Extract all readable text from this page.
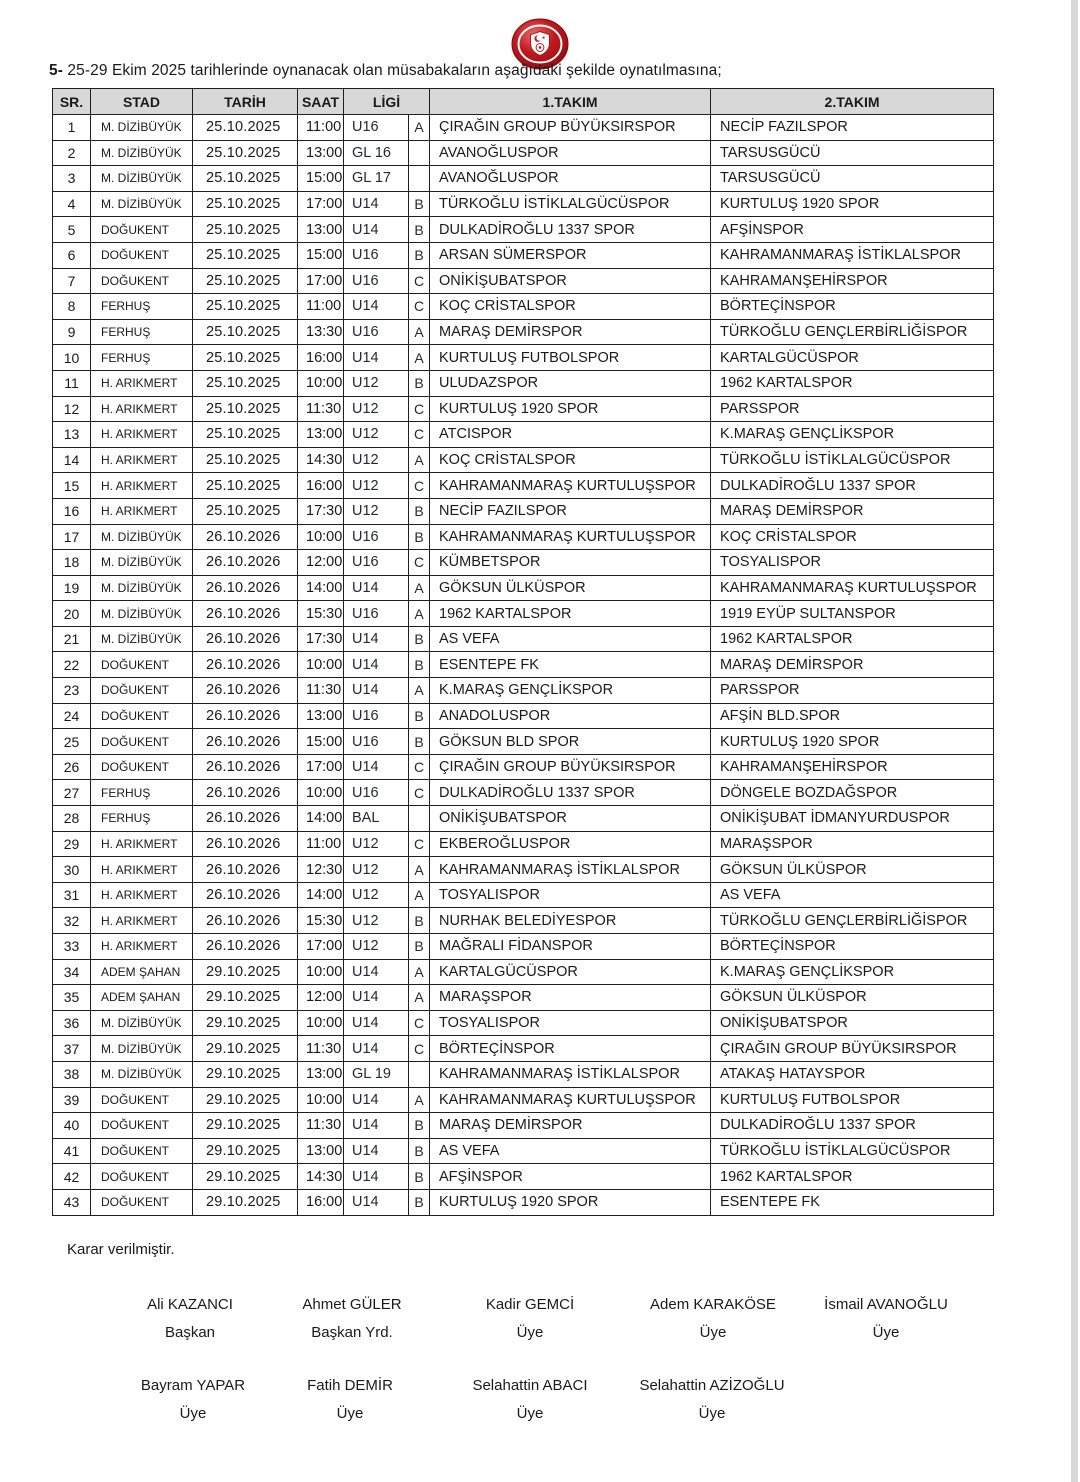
5- 25-29 Ekim 2025 tarihlerinde oynanacak olan müsabakaların aşağıdaki şekilde oynatılmasına;
SR.	STAD	TARİH	SAAT	LİGİ		1.TAKIM	2.TAKIM
1	M. DİZİBÜYÜK	25.10.2025	11:00	U16	A	ÇIRAĞIN GROUP BÜYÜKSIRSPOR	NECİP FAZILSPOR
2	M. DİZİBÜYÜK	25.10.2025	13:00	GL 16		AVANOĞLUSPOR	TARSUSGÜCÜ
3	M. DİZİBÜYÜK	25.10.2025	15:00	GL 17		AVANOĞLUSPOR	TARSUSGÜCÜ
4	M. DİZİBÜYÜK	25.10.2025	17:00	U14	B	TÜRKOĞLU İSTİKLALGÜCÜSPOR	KURTULUŞ 1920 SPOR
5	DOĞUKENT	25.10.2025	13:00	U14	B	DULKADİROĞLU 1337 SPOR	AFŞİNSPOR
6	DOĞUKENT	25.10.2025	15:00	U16	B	ARSAN SÜMERSPOR	KAHRAMANMARAŞ İSTİKLALSPOR
7	DOĞUKENT	25.10.2025	17:00	U16	C	ONİKİŞUBATSPOR	KAHRAMANŞEHİRSPOR
8	FERHUŞ	25.10.2025	11:00	U14	C	KOÇ CRİSTALSPOR	BÖRTEÇİNSPOR
9	FERHUŞ	25.10.2025	13:30	U16	A	MARAŞ DEMİRSPOR	TÜRKOĞLU GENÇLERBİRLİĞİSPOR
10	FERHUŞ	25.10.2025	16:00	U14	A	KURTULUŞ FUTBOLSPOR	KARTALGÜCÜSPOR
11	H. ARIKMERT	25.10.2025	10:00	U12	B	ULUDAZSPOR	1962 KARTALSPOR
12	H. ARIKMERT	25.10.2025	11:30	U12	C	KURTULUŞ 1920 SPOR	PARSSPOR
13	H. ARIKMERT	25.10.2025	13:00	U12	C	ATCISPOR	K.MARAŞ GENÇLİKSPOR
14	H. ARIKMERT	25.10.2025	14:30	U12	A	KOÇ CRİSTALSPOR	TÜRKOĞLU İSTİKLALGÜCÜSPOR
15	H. ARIKMERT	25.10.2025	16:00	U12	C	KAHRAMANMARAŞ KURTULUŞSPOR	DULKADİROĞLU 1337 SPOR
16	H. ARIKMERT	25.10.2025	17:30	U12	B	NECİP FAZILSPOR	MARAŞ DEMİRSPOR
17	M. DİZİBÜYÜK	26.10.2026	10:00	U16	B	KAHRAMANMARAŞ KURTULUŞSPOR	KOÇ CRİSTALSPOR
18	M. DİZİBÜYÜK	26.10.2026	12:00	U16	C	KÜMBETSPOR	TOSYALISPOR
19	M. DİZİBÜYÜK	26.10.2026	14:00	U14	A	GÖKSUN ÜLKÜSPOR	KAHRAMANMARAŞ KURTULUŞSPOR
20	M. DİZİBÜYÜK	26.10.2026	15:30	U16	A	1962 KARTALSPOR	1919 EYÜP SULTANSPOR
21	M. DİZİBÜYÜK	26.10.2026	17:30	U14	B	AS VEFA	1962 KARTALSPOR
22	DOĞUKENT	26.10.2026	10:00	U14	B	ESENTEPE FK	MARAŞ DEMİRSPOR
23	DOĞUKENT	26.10.2026	11:30	U14	A	K.MARAŞ GENÇLİKSPOR	PARSSPOR
24	DOĞUKENT	26.10.2026	13:00	U16	B	ANADOLUSPOR	AFŞİN BLD.SPOR
25	DOĞUKENT	26.10.2026	15:00	U16	B	GÖKSUN BLD SPOR	KURTULUŞ 1920 SPOR
26	DOĞUKENT	26.10.2026	17:00	U14	C	ÇIRAĞIN GROUP BÜYÜKSIRSPOR	KAHRAMANŞEHİRSPOR
27	FERHUŞ	26.10.2026	10:00	U16	C	DULKADİROĞLU 1337 SPOR	DÖNGELE BOZDAĞSPOR
28	FERHUŞ	26.10.2026	14:00	BAL		ONİKİŞUBATSPOR	ONİKİŞUBAT İDMANYURDUSPOR
29	H. ARIKMERT	26.10.2026	11:00	U12	C	EKBEROĞLUSPOR	MARAŞSPOR
30	H. ARIKMERT	26.10.2026	12:30	U12	A	KAHRAMANMARAŞ İSTİKLALSPOR	GÖKSUN ÜLKÜSPOR
31	H. ARIKMERT	26.10.2026	14:00	U12	A	TOSYALISPOR	AS VEFA
32	H. ARIKMERT	26.10.2026	15:30	U12	B	NURHAK BELEDİYESPOR	TÜRKOĞLU GENÇLERBİRLİĞİSPOR
33	H. ARIKMERT	26.10.2026	17:00	U12	B	MAĞRALI FİDANSPOR	BÖRTEÇİNSPOR
34	ADEM ŞAHAN	29.10.2025	10:00	U14	A	KARTALGÜCÜSPOR	K.MARAŞ GENÇLİKSPOR
35	ADEM ŞAHAN	29.10.2025	12:00	U14	A	MARAŞSPOR	GÖKSUN ÜLKÜSPOR
36	M. DİZİBÜYÜK	29.10.2025	10:00	U14	C	TOSYALISPOR	ONİKİŞUBATSPOR
37	M. DİZİBÜYÜK	29.10.2025	11:30	U14	C	BÖRTEÇİNSPOR	ÇIRAĞIN GROUP BÜYÜKSIRSPOR
38	M. DİZİBÜYÜK	29.10.2025	13:00	GL 19		KAHRAMANMARAŞ İSTİKLALSPOR	ATAKAŞ HATAYSPOR
39	DOĞUKENT	29.10.2025	10:00	U14	A	KAHRAMANMARAŞ KURTULUŞSPOR	KURTULUŞ FUTBOLSPOR
40	DOĞUKENT	29.10.2025	11:30	U14	B	MARAŞ DEMİRSPOR	DULKADİROĞLU 1337 SPOR
41	DOĞUKENT	29.10.2025	13:00	U14	B	AS VEFA	TÜRKOĞLU İSTİKLALGÜCÜSPOR
42	DOĞUKENT	29.10.2025	14:30	U14	B	AFŞİNSPOR	1962 KARTALSPOR
43	DOĞUKENT	29.10.2025	16:00	U14	B	KURTULUŞ 1920 SPOR	ESENTEPE FK
Karar verilmiştir.
Ali KAZANCI
Başkan
Ahmet GÜLER
Başkan Yrd.
Kadir GEMCİ
Üye
Adem KARAKÖSE
Üye
İsmail AVANOĞLU
Üye
Bayram YAPAR
Üye
Fatih DEMİR
Üye
Selahattin ABACI
Üye
Selahattin AZİZOĞLU
Üye
